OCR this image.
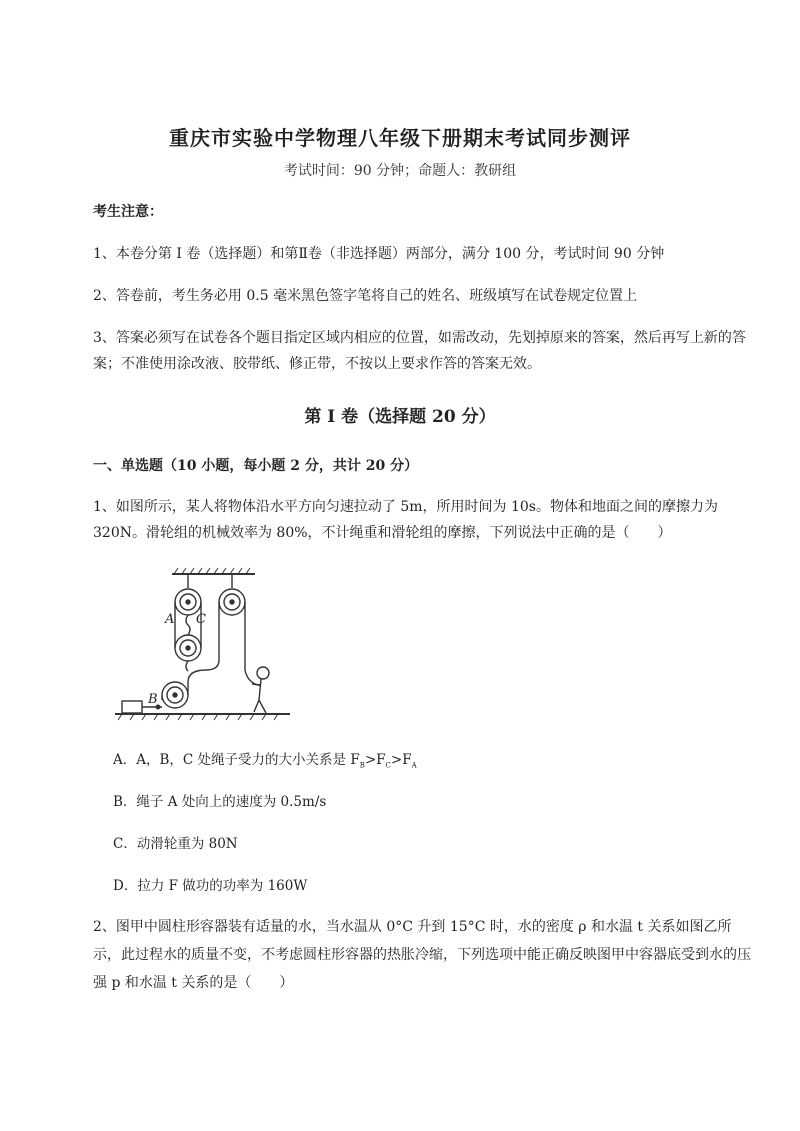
重庆市实验中学物理八年级下册期末考试同步测评
考试时间：90 分钟；命题人：教研组
考生注意：
1、本卷分第 I 卷（选择题）和第Ⅱ卷（非选择题）两部分，满分 100 分，考试时间 90 分钟
2、答卷前，考生务必用 0.5 毫米黑色签字笔将自己的姓名、班级填写在试卷规定位置上
3、答案必须写在试卷各个题目指定区域内相应的位置，如需改动，先划掉原来的答案，然后再写上新的答案；不准使用涂改液、胶带纸、修正带，不按以上要求作答的答案无效。
第 I 卷（选择题 20 分）
一、单选题（10 小题，每小题 2 分，共计 20 分）
1、如图所示，某人将物体沿水平方向匀速拉动了 5m，所用时间为 10s。物体和地面之间的摩擦力为 320N。滑轮组的机械效率为 80%，不计绳重和滑轮组的摩擦，下列说法中正确的是（　　）
A C
B
A．A，B，C 处绳子受力的大小关系是 $F_B>F_C>F_A$
B．绳子 A 处向上的速度为 0.5m/s
C．动滑轮重为 80N
D．拉力 F 做功的功率为 160W
2、图甲中圆柱形容器装有适量的水，当水温从 0°C 升到 15°C 时，水的密度 ρ 和水温 t 关系如图乙所示，此过程水的质量不变，不考虑圆柱形容器的热胀冷缩，下列选项中能正确反映图甲中容器底受到水的压强 p 和水温 t 关系的是（　　）
